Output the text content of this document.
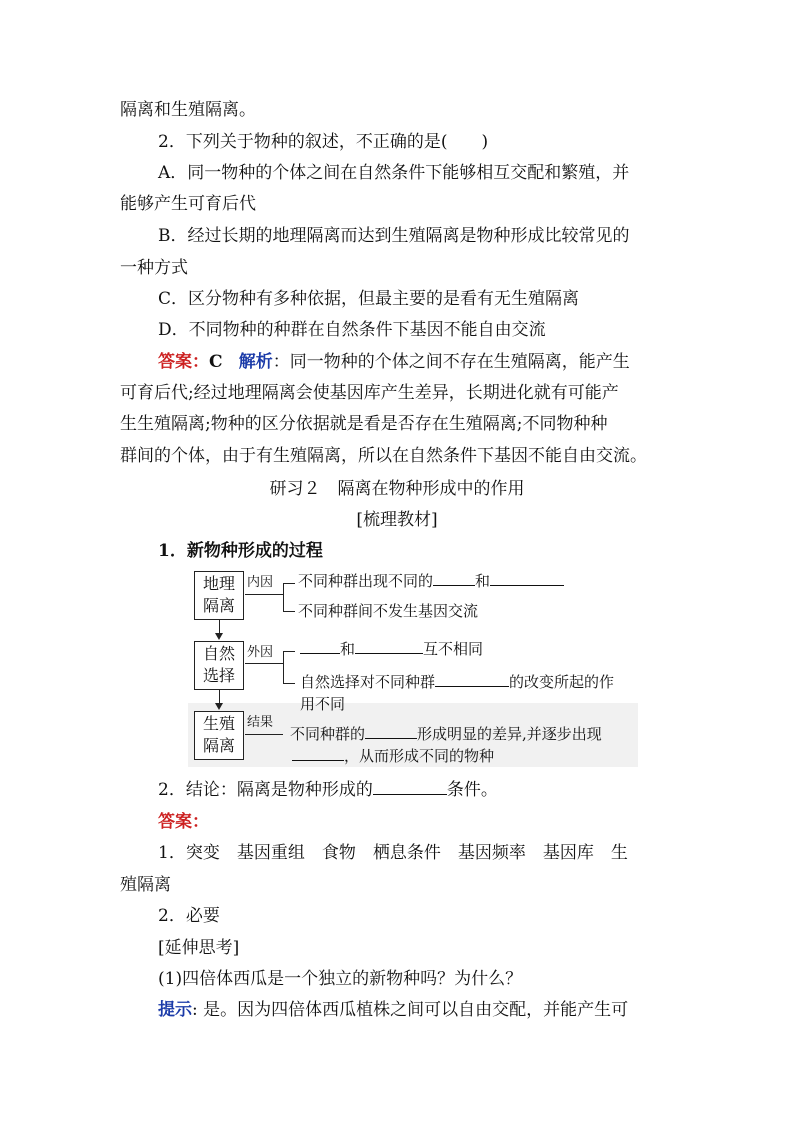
隔离和生殖隔离。
2．下列关于物种的叙述，不正确的是(　　)
A．同一物种的个体之间在自然条件下能够相互交配和繁殖，并
能够产生可育后代
B．经过长期的地理隔离而达到生殖隔离是物种形成比较常见的
一种方式
C．区分物种有多种依据，但最主要的是看有无生殖隔离
D．不同物种的种群在自然条件下基因不能自由交流
答案：C 解析：同一物种的个体之间不存在生殖隔离，能产生
可育后代;经过地理隔离会使基因库产生差异，长期进化就有可能产
生生殖隔离;物种的区分依据就是看是否存在生殖隔离;不同物种种
群间的个体，由于有生殖隔离，所以在自然条件下基因不能自由交流。
研习２　隔离在物种形成中的作用
[梳理教材]
1．新物种形成的过程
地理
隔离
自然
选择
生殖
隔离
内因 不同种群出现不同的	和
不同种群间不发生基因交流
外因	和	互不相同
自然选择对不同种群	的改变所起的作
用不同
结果
不同种群的	形成明显的差异,并逐步出现
，从而形成不同的物种
2．结论：隔离是物种形成的	条件。
答案：
1．突变　基因重组　食物　栖息条件　基因频率　基因库　生
殖隔离
2．必要
[延伸思考]
(1)四倍体西瓜是一个独立的新物种吗？为什么？
提示: 是。因为四倍体西瓜植株之间可以自由交配，并能产生可
